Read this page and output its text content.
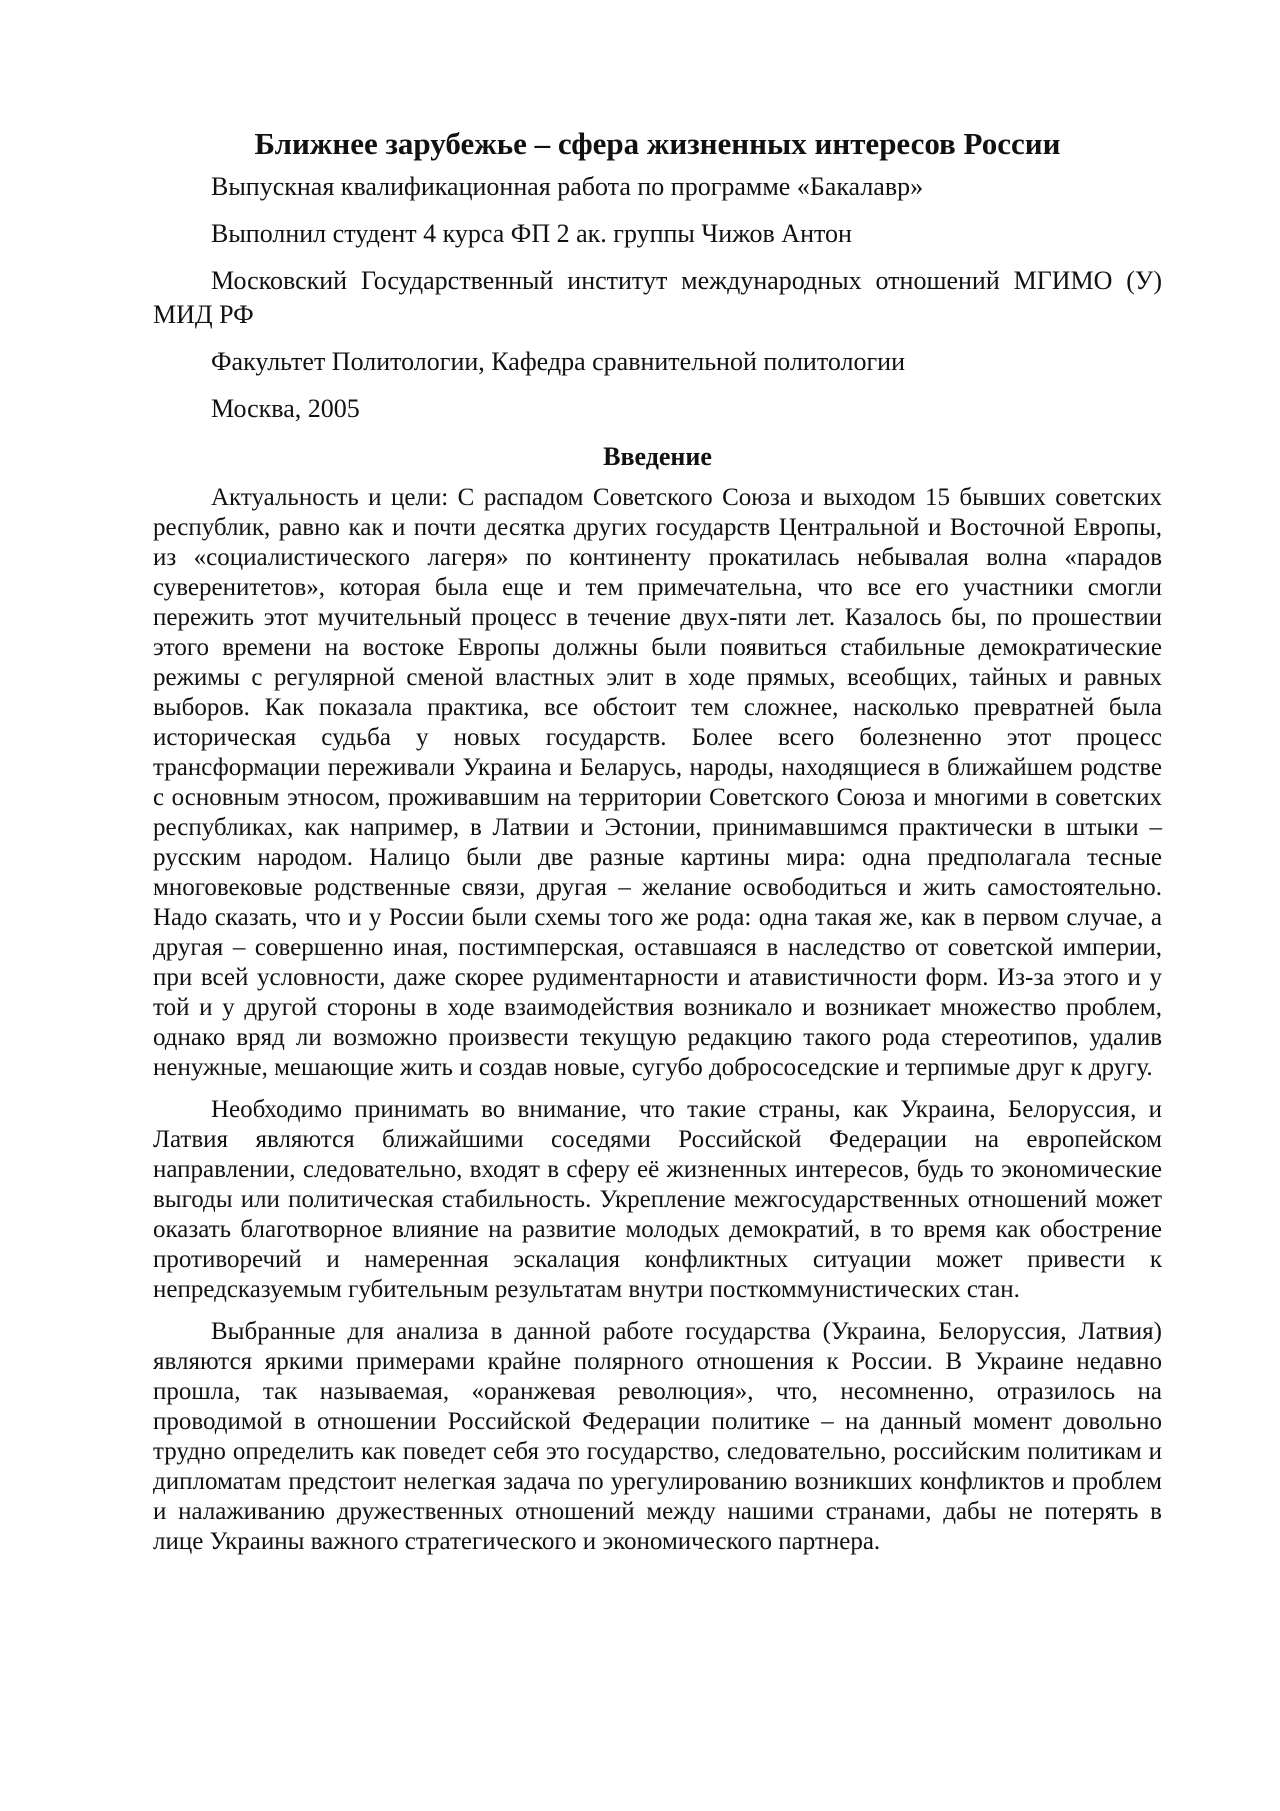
Ближнее зарубежье – сфера жизненных интересов России

Выпускная квалификационная работа по программе «Бакалавр»

Выполнил студент 4 курса ФП 2 ак. группы Чижов Антон

Московский Государственный институт международных отношений МГИМО (У) МИД РФ

Факультет Политологии, Кафедра сравнительной политологии

Москва, 2005

Введение

Актуальность и цели: С распадом Советского Союза и выходом 15 бывших советских республик, равно как и почти десятка других государств Центральной и Восточной Европы, из «социалистического лагеря» по континенту прокатилась небывалая волна «парадов суверенитетов», которая была еще и тем примечательна, что все его участники смогли пережить этот мучительный процесс в течение двух-пяти лет. Казалось бы, по прошествии этого времени на востоке Европы должны были появиться стабильные демократические режимы с регулярной сменой властных элит в ходе прямых, всеобщих, тайных и равных выборов. Как показала практика, все обстоит тем сложнее, насколько превратней была историческая судьба у новых государств. Более всего болезненно этот процесс трансформации переживали Украина и Беларусь, народы, находящиеся в ближайшем родстве с основным этносом, проживавшим на территории Советского Союза и многими в советских республиках, как например, в Латвии и Эстонии, принимавшимся практически в штыки – русским народом. Налицо были две разные картины мира: одна предполагала тесные многовековые родственные связи, другая – желание освободиться и жить самостоятельно. Надо сказать, что и у России были схемы того же рода: одна такая же, как в первом случае, а другая – совершенно иная, постимперская, оставшаяся в наследство от советской империи, при всей условности, даже скорее рудиментарности и атавистичности форм. Из-за этого и у той и у другой стороны в ходе взаимодействия возникало и возникает множество проблем, однако вряд ли возможно произвести текущую редакцию такого рода стереотипов, удалив ненужные, мешающие жить и создав новые, сугубо добрососедские и терпимые друг к другу.

Необходимо принимать во внимание, что такие страны, как Украина, Белоруссия, и Латвия являются ближайшими соседями Российской Федерации на европейском направлении, следовательно, входят в сферу её жизненных интересов, будь то экономические выгоды или политическая стабильность. Укрепление межгосударственных отношений может оказать благотворное влияние на развитие молодых демократий, в то время как обострение противоречий и намеренная эскалация конфликтных ситуации может привести к непредсказуемым губительным результатам внутри посткоммунистических стан.

Выбранные для анализа в данной работе государства (Украина, Белоруссия, Латвия) являются яркими примерами крайне полярного отношения к России. В Украине недавно прошла, так называемая, «оранжевая революция», что, несомненно, отразилось на проводимой в отношении Российской Федерации политике – на данный момент довольно трудно определить как поведет себя это государство, следовательно, российским политикам и дипломатам предстоит нелегкая задача по урегулированию возникших конфликтов и проблем и налаживанию дружественных отношений между нашими странами, дабы не потерять в лице Украины важного стратегического и экономического партнера.
